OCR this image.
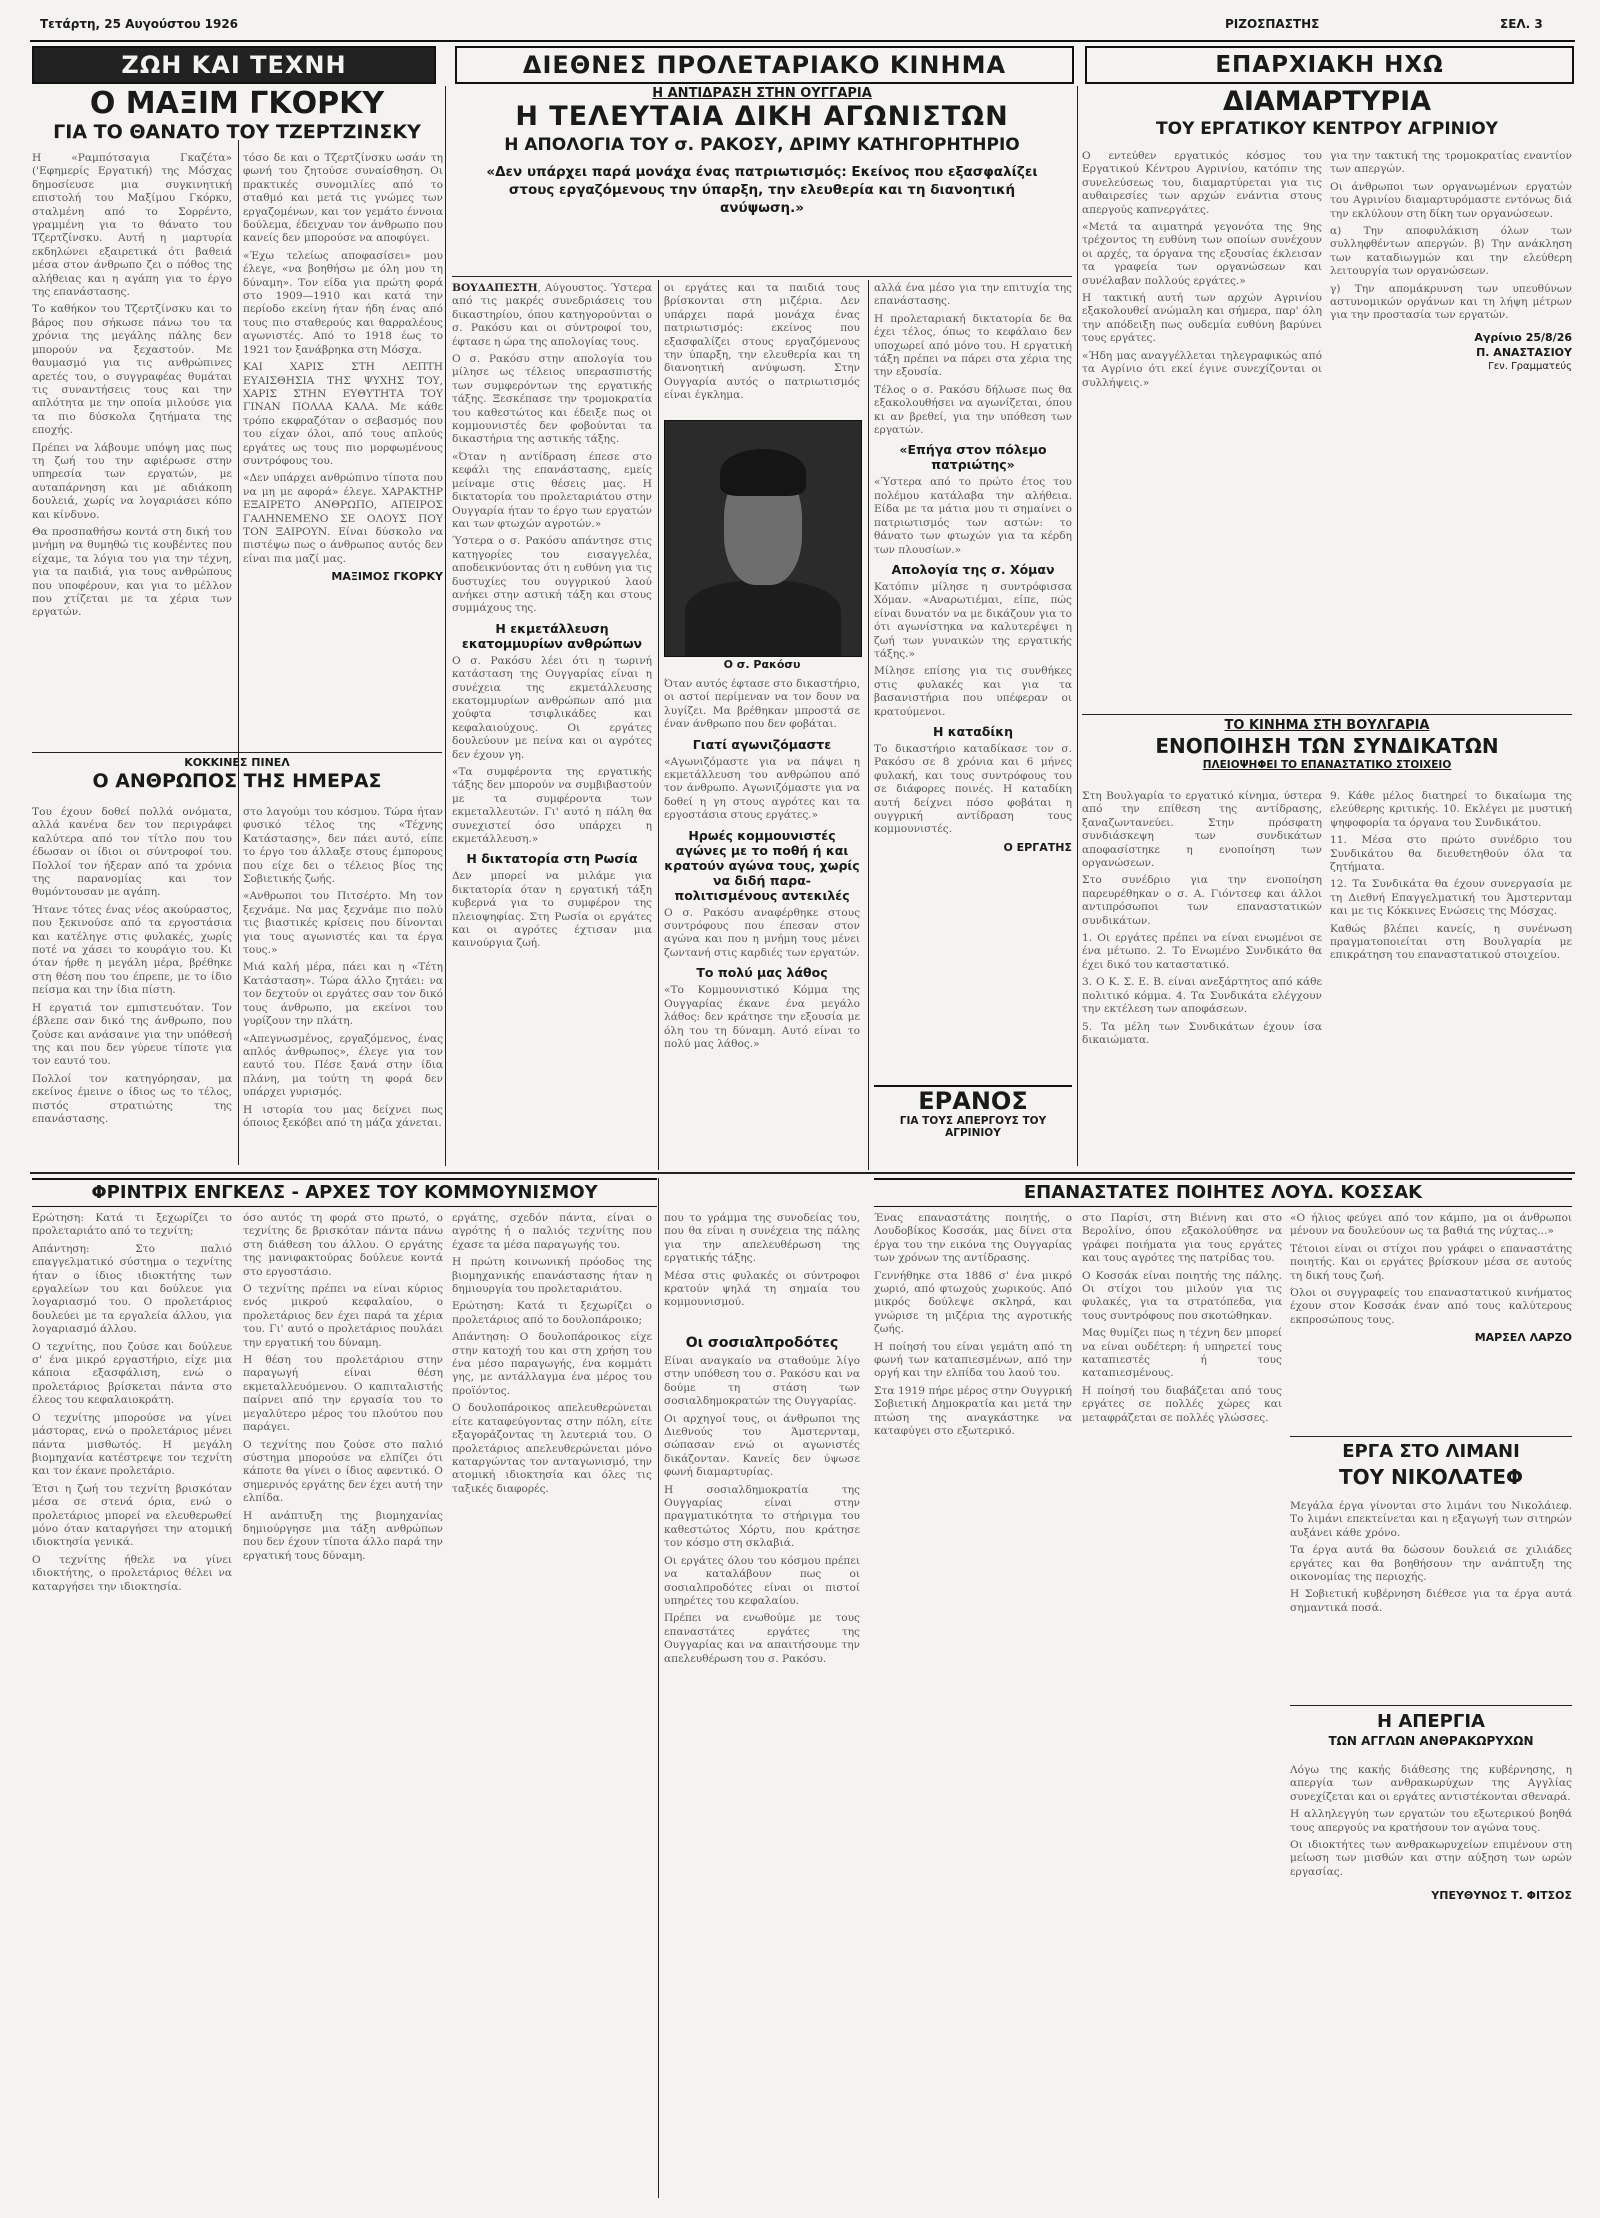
Τετάρτη, 25 Αυγούστου 1926	ΡΙΖΟΣΠΑΣΤΗΣ	ΣΕΛ. 3
ΖΩΗ ΚΑΙ ΤΕΧΝΗ	ΔΙΕΘΝΕΣ ΠΡΟΛΕΤΑΡΙΑΚΟ ΚΙΝΗΜΑ	ΕΠΑΡΧΙΑΚΗ ΗΧΩ
Ο ΜΑΞΙΜ ΓΚΟΡΚΥ
ΓΙΑ ΤΟ ΘΑΝΑΤΟ ΤΟΥ ΤΖΕΡΤΖΙΝΣΚΥ

Η «Ραμπότσαγια Γκαζέτα» ('Εφημερίς Εργατική) της Μόσχας δημοσίευσε μια συγκινητική επιστολή του Μαξίμου Γκόρκυ, σταλμένη από το Σορρέντο, γραμμένη για το θάνατο του Τζερτζίνσκυ. Αυτή η μαρτυρία εκδηλώνει εξαιρετικά ότι βαθειά μέσα στον άνθρωπο ζει ο πόθος της αλήθειας και η αγάπη για το έργο της επανάστασης.

Το καθήκον του Τζερτζίνσκυ και το βάρος που σήκωσε πάνω του τα χρόνια της μεγάλης πάλης δεν μπορούν να ξεχαστούν. Με θαυμασμό για τις ανθρώπινες αρετές του, ο συγγραφέας θυμάται τις συναντήσεις τους και την απλότητα με την οποία μιλούσε για τα πιο δύσκολα ζητήματα της εποχής.

Πρέπει να λάβουμε υπόψη μας πως τη ζωή του την αφιέρωσε στην υπηρεσία των εργατών, με αυταπάρνηση και με αδιάκοπη δουλειά, χωρίς να λογαριάσει κόπο και κίνδυνο.

Θα προσπαθήσω κοντά στη δική του μνήμη να θυμηθώ τις κουβέντες που είχαμε, τα λόγια του για την τέχνη, για τα παιδιά, για τους ανθρώπους που υποφέρουν, και για το μέλλον που χτίζεται με τα χέρια των εργατών.

τόσο δε και ο Τζερτζίνσκυ ωσάν τη φωνή του ζητούσε συναίσθηση. Οι πρακτικές συνομιλίες από το σταθμό και μετά τις γνώμες των εργαζομένων, και τον γεμάτο έννοια δούλεμα, έδειχναν τον άνθρωπο που κανείς δεν μπορούσε να αποφύγει.

«Έχω τελείως αποφασίσει» μου έλεγε, «να βοηθήσω με όλη μου τη δύναμη». Τον είδα για πρώτη φορά στο 1909—1910 και κατά την περίοδο εκείνη ήταν ήδη ένας από τους πιο σταθερούς και θαρραλέους αγωνιστές. Από το 1918 έως το 1921 τον ξανάβρηκα στη Μόσχα.

ΚΑΙ ΧΑΡΙΣ ΣΤΗ ΛΕΠΤΗ ΕΥΑΙΣΘΗΣΙΑ ΤΗΣ ΨΥΧΗΣ ΤΟΥ, ΧΑΡΙΣ ΣΤΗΝ ΕΥΘΥΤΗΤΑ ΤΟΥ ΓΙΝΑΝ ΠΟΛΛΑ ΚΑΛΑ. Με κάθε τρόπο εκφραζόταν ο σεβασμός που του είχαν όλοι, από τους απλούς εργάτες ως τους πιο μορφωμένους συντρόφους του.

«Δεν υπάρχει ανθρώπινο τίποτα που να μη με αφορά» έλεγε. ΧΑΡΑΚΤΗΡ ΕΞΑΙΡΕΤΟ ΑΝΘΡΩΠΟ, ΑΠΕΙΡΟΣ ΓΑΛΗΝΕΜΕΝΟ ΣΕ ΟΛΟΥΣ ΠΟΥ ΤΟΝ ΞΑΙΡΟΥΝ. Είναι δύσκολο να πιστέψω πως ο άνθρωπος αυτός δεν είναι πια μαζί μας.

ΜΑΞΙΜΟΣ ΓΚΟΡΚΥ
ΚΟΚΚΙΝΕΣ ΠΙΝΕΛ
Ο ΑΝΘΡΩΠΟΣ ΤΗΣ ΗΜΕΡΑΣ

Του έχουν δοθεί πολλά ονόματα, αλλά κανένα δεν τον περιγράφει καλύτερα από τον τίτλο που του έδωσαν οι ίδιοι οι σύντροφοί του. Πολλοί τον ήξεραν από τα χρόνια της παρανομίας και τον θυμόντουσαν με αγάπη.

Ήτανε τότες ένας νέος ακούραστος, που ξεκινούσε από τα εργοστάσια και κατέληγε στις φυλακές, χωρίς ποτέ να χάσει το κουράγιο του. Κι όταν ήρθε η μεγάλη μέρα, βρέθηκε στη θέση που του έπρεπε, με το ίδιο πείσμα και την ίδια πίστη.

Η εργατιά τον εμπιστευόταν. Τον έβλεπε σαν δικό της άνθρωπο, που ζούσε και ανάσαινε για την υπόθεσή της και που δεν γύρευε τίποτε για τον εαυτό του.

Πολλοί τον κατηγόρησαν, μα εκείνος έμεινε ο ίδιος ως το τέλος, πιστός στρατιώτης της επανάστασης.

στο λαγούμι του κόσμου. Τώρα ήταν φυσικό τέλος της «Τέχνης Κατάστασης», δεν πάει αυτό, είπε το έργο του άλλαξε στους έμπορους που είχε δει ο τέλειος βίος της Σοβιετικής ζωής.

«Ανθρωποι του Πιτσέρτο. Μη τον ξεχνάμε. Να μας ξεχνάμε πιο πολύ τις βιαστικές κρίσεις που δίνονται για τους αγωνιστές και τα έργα τους.»

Μιά καλή μέρα, πάει και η «Τέτη Κατάσταση». Τώρα άλλο ζητάει: να τον δεχτούν οι εργάτες σαν τον δικό τους άνθρωπο, μα εκείνοι του γυρίζουν την πλάτη.

«Απεγνωσμένος, εργαζόμενος, ένας απλός άνθρωπος», έλεγε για τον εαυτό του. Πέσε ξανά στην ίδια πλάνη, μα τούτη τη φορά δεν υπάρχει γυρισμός.

Η ιστορία του μας δείχνει πως όποιος ξεκόβει από τη μάζα χάνεται.

Η ΑΝΤΙΔΡΑΣΗ ΣΤΗΝ ΟΥΓΓΑΡΙΑ
Η ΤΕΛΕΥΤΑΙΑ ΔΙΚΗ ΑΓΩΝΙΣΤΩΝ
Η ΑΠΟΛΟΓΙΑ ΤΟΥ σ. ΡΑΚΟΣΥ, ΔΡΙΜΥ ΚΑΤΗΓΟΡΗΤΗΡΙΟ
«Δεν υπάρχει παρά μονάχα ένας πατριωτισμός: Εκείνος που εξασφαλίζει στους εργαζόμενους την ύπαρξη, την ελευθερία και τη διανοητική ανύψωση.»

ΒΟΥΔΑΠΕΣΤΗ, Αύγουστος. Ύστερα από τις μακρές συνεδριάσεις του δικαστηρίου, όπου κατηγορούνται ο σ. Ρακόσυ και οι σύντροφοί του, έφτασε η ώρα της απολογίας τους.

Ο σ. Ρακόσυ στην απολογία του μίλησε ως τέλειος υπερασπιστής των συμφερόντων της εργατικής τάξης. Ξεσκέπασε την τρομοκρατία του καθεστώτος και έδειξε πως οι κομμουνιστές δεν φοβούνται τα δικαστήρια της αστικής τάξης.

«Όταν η αντίδραση έπεσε στο κεφάλι της επανάστασης, εμείς μείναμε στις θέσεις μας. Η δικτατορία του προλεταριάτου στην Ουγγαρία ήταν το έργο των εργατών και των φτωχών αγροτών.»

Ύστερα ο σ. Ρακόσυ απάντησε στις κατηγορίες του εισαγγελέα, αποδεικνύοντας ότι η ευθύνη για τις δυστυχίες του ουγγρικού λαού ανήκει στην αστική τάξη και στους συμμάχους της.

Η εκμετάλλευση εκατομμυρίων ανθρώπων

Ο σ. Ρακόσυ λέει ότι η τωρινή κατάσταση της Ουγγαρίας είναι η συνέχεια της εκμετάλλευσης εκατομμυρίων ανθρώπων από μια χούφτα τσιφλικάδες και κεφαλαιούχους. Οι εργάτες δουλεύουν με πείνα και οι αγρότες δεν έχουν γη.

«Τα συμφέροντα της εργατικής τάξης δεν μπορούν να συμβιβαστούν με τα συμφέροντα των εκμεταλλευτών. Γι' αυτό η πάλη θα συνεχιστεί όσο υπάρχει η εκμετάλλευση.»

Η δικτατορία στη Ρωσία

Δεν μπορεί να μιλάμε για δικτατορία όταν η εργατική τάξη κυβερνά για το συμφέρον της πλειοψηφίας. Στη Ρωσία οι εργάτες και οι αγρότες έχτισαν μια καινούργια ζωή.

Ο σ. Ρακόσυ

οι εργάτες και τα παιδιά τους βρίσκονται στη μιζέρια. Δεν υπάρχει παρά μονάχα ένας πατριωτισμός: εκείνος που εξασφαλίζει στους εργαζόμενους την ύπαρξη, την ελευθερία και τη διανοητική ανύψωση. Στην Ουγγαρία αυτός ο πατριωτισμός είναι έγκλημα.

Όταν αυτός έφτασε στο δικαστήριο, οι αστοί περίμεναν να τον δουν να λυγίζει. Μα βρέθηκαν μπροστά σε έναν άνθρωπο που δεν φοβάται.

Γιατί αγωνιζόμαστε

«Αγωνιζόμαστε για να πάψει η εκμετάλλευση του ανθρώπου από τον άνθρωπο. Αγωνιζόμαστε για να δοθεί η γη στους αγρότες και τα εργοστάσια στους εργάτες.»

Ηρωές κομμουνιστές αγώνες με το ποθή ή και κρατούν αγώνα τους, χωρίς να διδή παρα-πολιτισμένους αντεκιλές

Ο σ. Ρακόσυ αναφέρθηκε στους συντρόφους που έπεσαν στον αγώνα και που η μνήμη τους μένει ζωντανή στις καρδιές των εργατών.

Το πολύ μας λάθος

«Το Κομμουνιστικό Κόμμα της Ουγγαρίας έκανε ένα μεγάλο λάθος: δεν κράτησε την εξουσία με όλη του τη δύναμη. Αυτό είναι το πολύ μας λάθος.»

αλλά ένα μέσο για την επιτυχία της επανάστασης.

Η προλεταριακή δικτατορία δε θα έχει τέλος, όπως το κεφάλαιο δεν υποχωρεί από μόνο του. Η εργατική τάξη πρέπει να πάρει στα χέρια της την εξουσία.

Τέλος ο σ. Ρακόσυ δήλωσε πως θα εξακολουθήσει να αγωνίζεται, όπου κι αν βρεθεί, για την υπόθεση των εργατών.

«Επήγα στον πόλεμο πατριώτης»

«Ύστερα από το πρώτο έτος του πολέμου κατάλαβα την αλήθεια. Είδα με τα μάτια μου τι σημαίνει ο πατριωτισμός των αστών: το θάνατο των φτωχών για τα κέρδη των πλουσίων.»

Απολογία της σ. Χόμαν

Κατόπιν μίλησε η συντρόφισσα Χόμαν. «Αναρωτιέμαι, είπε, πώς είναι δυνατόν να με δικάζουν για το ότι αγωνίστηκα να καλυτερέψει η ζωή των γυναικών της εργατικής τάξης.»

Μίλησε επίσης για τις συνθήκες στις φυλακές και για τα βασανιστήρια που υπέφεραν οι κρατούμενοι.

Η καταδίκη

Το δικαστήριο καταδίκασε τον σ. Ρακόσυ σε 8 χρόνια και 6 μήνες φυλακή, και τους συντρόφους του σε διάφορες ποινές. Η καταδίκη αυτή δείχνει πόσο φοβάται η ουγγρική αντίδραση τους κομμουνιστές.

Ο ΕΡΓΑΤΗΣ
ΔΙΑΜΑΡΤΥΡΙΑ
ΤΟΥ ΕΡΓΑΤΙΚΟΥ ΚΕΝΤΡΟΥ ΑΓΡΙΝΙΟΥ

Ο εντεύθεν εργατικός κόσμος του Εργατικού Κέντρου Αγρινίου, κατόπιν της συνελεύσεως του, διαμαρτύρεται για τις αυθαιρεσίες των αρχών ενάντια στους απεργούς καπνεργάτες.

«Μετά τα αιματηρά γεγονότα της 9ης τρέχοντος τη ευθύνη των οποίων συνέχουν οι αρχές, τα όργανα της εξουσίας έκλεισαν τα γραφεία των οργανώσεων και συνέλαβαν πολλούς εργάτες.»

Η τακτική αυτή των αρχών Αγρινίου εξακολουθεί ανώμαλη και σήμερα, παρ' όλη την απόδειξη πως ουδεμία ευθύνη βαρύνει τους εργάτες.

«Ήδη μας αναγγέλλεται τηλεγραφικώς από τα Αγρίνιο ότι εκεί έγινε συνεχίζονται οι συλλήψεις.»

για την τακτική της τρομοκρατίας εναντίον των απεργών.

Οι άνθρωποι των οργανωμένων εργατών του Αγρινίου διαμαρτυρόμαστε εντόνως διά την εκλύλουν στη δίκη των οργανώσεων.

α) Την αποφυλάκιση όλων των συλληφθέντων απεργών. β) Την ανάκληση των καταδιωγμών και την ελεύθερη λειτουργία των οργανώσεων.

γ) Την απομάκρυνση των υπευθύνων αστυνομικών οργάνων και τη λήψη μέτρων για την προστασία των εργατών.

Αγρίνιο 25/8/26
Π. ΑΝΑΣΤΑΣΙΟΥ
Γεν. Γραμματεύς
ΤΟ ΚΙΝΗΜΑ ΣΤΗ ΒΟΥΛΓΑΡΙΑ
ΕΝΟΠΟΙΗΣΗ ΤΩΝ ΣΥΝΔΙΚΑΤΩΝ
ΠΛΕΙΟΨΗΦΕΙ ΤΟ ΕΠΑΝΑΣΤΑΤΙΚΟ ΣΤΟΙΧΕΙΟ

Στη Βουλγαρία το εργατικό κίνημα, ύστερα από την επίθεση της αντίδρασης, ξαναζωντανεύει. Στην πρόσφατη συνδιάσκεψη των συνδικάτων αποφασίστηκε η ενοποίηση των οργανώσεων.

Στο συνέδριο για την ενοποίηση παρευρέθηκαν ο σ. Α. Γιόντσεφ και άλλοι αντιπρόσωποι των επαναστατικών συνδικάτων.

1. Οι εργάτες πρέπει να είναι ενωμένοι σε ένα μέτωπο. 2. Το Ενωμένο Συνδικάτο θα έχει δικό του καταστατικό.

3. Ο Κ. Σ. Ε. Β. είναι ανεξάρτητος από κάθε πολιτικό κόμμα. 4. Τα Συνδικάτα ελέγχουν την εκτέλεση των αποφάσεων.

5. Τα μέλη των Συνδικάτων έχουν ίσα δικαιώματα.

9. Κάθε μέλος διατηρεί το δικαίωμα της ελεύθερης κριτικής. 10. Εκλέγει με μυστική ψηφοφορία τα όργανα του Συνδικάτου.

11. Μέσα στο πρώτο συνέδριο του Συνδικάτου θα διευθετηθούν όλα τα ζητήματα.

12. Τα Συνδικάτα θα έχουν συνεργασία με τη Διεθνή Επαγγελματική του Άμστερνταμ και με τις Κόκκινες Ενώσεις της Μόσχας.

Καθώς βλέπει κανείς, η συνένωση πραγματοποιείται στη Βουλγαρία με επικράτηση του επαναστατικού στοιχείου.

ΦΡΙΝΤΡΙΧ ΕΝΓΚΕΛΣ - ΑΡΧΕΣ ΤΟΥ ΚΟΜΜΟΥΝΙΣΜΟΥ

Ερώτηση: Κατά τι ξεχωρίζει το προλεταριάτο από το τεχνίτη;

Απάντηση: Στο παλιό επαγγελματικό σύστημα ο τεχνίτης ήταν ο ίδιος ιδιοκτήτης των εργαλείων του και δούλευε για λογαριασμό του. Ο προλετάριος δουλεύει με τα εργαλεία άλλου, για λογαριασμό άλλου.

Ο τεχνίτης, που ζούσε και δούλευε σ' ένα μικρό εργαστήριο, είχε μια κάποια εξασφάλιση, ενώ ο προλετάριος βρίσκεται πάντα στο έλεος του κεφαλαιοκράτη.

Ο τεχνίτης μπορούσε να γίνει μάστορας, ενώ ο προλετάριος μένει πάντα μισθωτός. Η μεγάλη βιομηχανία κατέστρεψε τον τεχνίτη και τον έκανε προλετάριο.

Έτσι η ζωή του τεχνίτη βρισκόταν μέσα σε στενά όρια, ενώ ο προλετάριος μπορεί να ελευθερωθεί μόνο όταν καταργήσει την ατομική ιδιοκτησία γενικά.

Ο τεχνίτης ήθελε να γίνει ιδιοκτήτης, ο προλετάριος θέλει να καταργήσει την ιδιοκτησία.

όσο αυτός τη φορά στο πρωτό, ο τεχνίτης δε βρισκόταν πάντα πάνω στη διάθεση του άλλου. Ο εργάτης της μανιφακτούρας δούλευε κοντά στο εργοστάσιο.

Ο τεχνίτης πρέπει να είναι κύριος ενός μικρού κεφαλαίου, ο προλετάριος δεν έχει παρά τα χέρια του. Γι' αυτό ο προλετάριος πουλάει την εργατική του δύναμη.

Η θέση του προλετάριου στην παραγωγή είναι θέση εκμεταλλευόμενου. Ο καπιταλιστής παίρνει από την εργασία του το μεγαλύτερο μέρος του πλούτου που παράγει.

Ο τεχνίτης που ζούσε στο παλιό σύστημα μπορούσε να ελπίζει ότι κάποτε θα γίνει ο ίδιος αφεντικό. Ο σημερινός εργάτης δεν έχει αυτή την ελπίδα.

Η ανάπτυξη της βιομηχανίας δημιούργησε μια τάξη ανθρώπων που δεν έχουν τίποτα άλλο παρά την εργατική τους δύναμη.

εργάτης, σχεδόν πάντα, είναι ο αγρότης ή ο παλιός τεχνίτης που έχασε τα μέσα παραγωγής του.

Η πρώτη κοινωνική πρόοδος της βιομηχανικής επανάστασης ήταν η δημιουργία του προλεταριάτου.

Ερώτηση: Κατά τι ξεχωρίζει ο προλετάριος από το δουλοπάροικο;

Απάντηση: Ο δουλοπάροικος είχε στην κατοχή του και στη χρήση του ένα μέσο παραγωγής, ένα κομμάτι γης, με αντάλλαγμα ένα μέρος του προϊόντος.

Ο δουλοπάροικος απελευθερώνεται είτε καταφεύγοντας στην πόλη, είτε εξαγοράζοντας τη λευτεριά του. Ο προλετάριος απελευθερώνεται μόνο καταργώντας τον ανταγωνισμό, την ατομική ιδιοκτησία και όλες τις ταξικές διαφορές.

που το γράμμα της συνοδείας του, που θα είναι η συνέχεια της πάλης για την απελευθέρωση της εργατικής τάξης.

Μέσα στις φυλακές οι σύντροφοι κρατούν ψηλά τη σημαία του κομμουνισμού.

Οι σοσιαλπροδότες

Είναι αναγκαίο να σταθούμε λίγο στην υπόθεση του σ. Ρακόσυ και να δούμε τη στάση των σοσιαλδημοκρατών της Ουγγαρίας.

Οι αρχηγοί τους, οι άνθρωποι της Διεθνούς του Άμστερνταμ, σώπασαν ενώ οι αγωνιστές δικάζονταν. Κανείς δεν ύψωσε φωνή διαμαρτυρίας.

Η σοσιαλδημοκρατία της Ουγγαρίας είναι στην πραγματικότητα το στήριγμα του καθεστώτος Χόρτυ, που κράτησε τον κόσμο στη σκλαβιά.

Οι εργάτες όλου του κόσμου πρέπει να καταλάβουν πως οι σοσιαλπροδότες είναι οι πιστοί υπηρέτες του κεφαλαίου.

Πρέπει να ενωθούμε με τους επαναστάτες εργάτες της Ουγγαρίας και να απαιτήσουμε την απελευθέρωση του σ. Ρακόσυ.

ΕΡΑΝΟΣ
ΓΙΑ ΤΟΥΣ ΑΠΕΡΓΟΥΣ ΤΟΥ ΑΓΡΙΝΙΟΥ
ΕΠΑΝΑΣΤΑΤΕΣ ΠΟΙΗΤΕΣ ΛΟΥΔ. ΚΟΣΣΑΚ

Ένας επαναστάτης ποιητής, ο Λουδοβίκος Κοσσάκ, μας δίνει στα έργα του την εικόνα της Ουγγαρίας των χρόνων της αντίδρασης.

Γεννήθηκε στα 1886 σ' ένα μικρό χωριό, από φτωχούς χωρικούς. Από μικρός δούλεψε σκληρά, και γνώρισε τη μιζέρια της αγροτικής ζωής.

Η ποίησή του είναι γεμάτη από τη φωνή των καταπιεσμένων, από την οργή και την ελπίδα του λαού του.

Στα 1919 πήρε μέρος στην Ουγγρική Σοβιετική Δημοκρατία και μετά την πτώση της αναγκάστηκε να καταφύγει στο εξωτερικό.

στο Παρίσι, στη Βιέννη και στο Βερολίνο, όπου εξακολούθησε να γράφει ποιήματα για τους εργάτες και τους αγρότες της πατρίδας του.

Ο Κοσσάκ είναι ποιητής της πάλης. Οι στίχοι του μιλούν για τις φυλακές, για τα στρατόπεδα, για τους συντρόφους που σκοτώθηκαν.

Μας θυμίζει πως η τέχνη δεν μπορεί να είναι ουδέτερη: ή υπηρετεί τους καταπιεστές ή τους καταπιεσμένους.

Η ποίησή του διαβάζεται από τους εργάτες σε πολλές χώρες και μεταφράζεται σε πολλές γλώσσες.

«Ο ήλιος φεύγει από τον κάμπο, μα οι άνθρωποι μένουν να δουλεύουν ως τα βαθιά της νύχτας...»

Τέτοιοι είναι οι στίχοι που γράφει ο επαναστάτης ποιητής. Και οι εργάτες βρίσκουν μέσα σε αυτούς τη δική τους ζωή.

Όλοι οι συγγραφείς του επαναστατικού κινήματος έχουν στον Κοσσάκ έναν από τους καλύτερους εκπροσώπους τους.

ΜΑΡΣΕΛ ΛΑΡΖΟ
ΕΡΓΑ ΣΤΟ ΛΙΜΑΝΙ
ΤΟΥ ΝΙΚΟΛΑΤΕΦ

Μεγάλα έργα γίνονται στο λιμάνι του Νικολάιεφ. Το λιμάνι επεκτείνεται και η εξαγωγή των σιτηρών αυξάνει κάθε χρόνο.

Τα έργα αυτά θα δώσουν δουλειά σε χιλιάδες εργάτες και θα βοηθήσουν την ανάπτυξη της οικονομίας της περιοχής.

Η Σοβιετική κυβέρνηση διέθεσε για τα έργα αυτά σημαντικά ποσά.

Η ΑΠΕΡΓΙΑ
ΤΩΝ ΑΓΓΛΩΝ ΑΝΘΡΑΚΩΡΥΧΩΝ

Λόγω της κακής διάθεσης της κυβέρνησης, η απεργία των ανθρακωρύχων της Αγγλίας συνεχίζεται και οι εργάτες αντιστέκονται σθεναρά.

Η αλληλεγγύη των εργατών του εξωτερικού βοηθά τους απεργούς να κρατήσουν τον αγώνα τους.

Οι ιδιοκτήτες των ανθρακωρυχείων επιμένουν στη μείωση των μισθών και στην αύξηση των ωρών εργασίας.

ΥΠΕΥΘΥΝΟΣ Τ. ΦΙΤΣΟΣ
